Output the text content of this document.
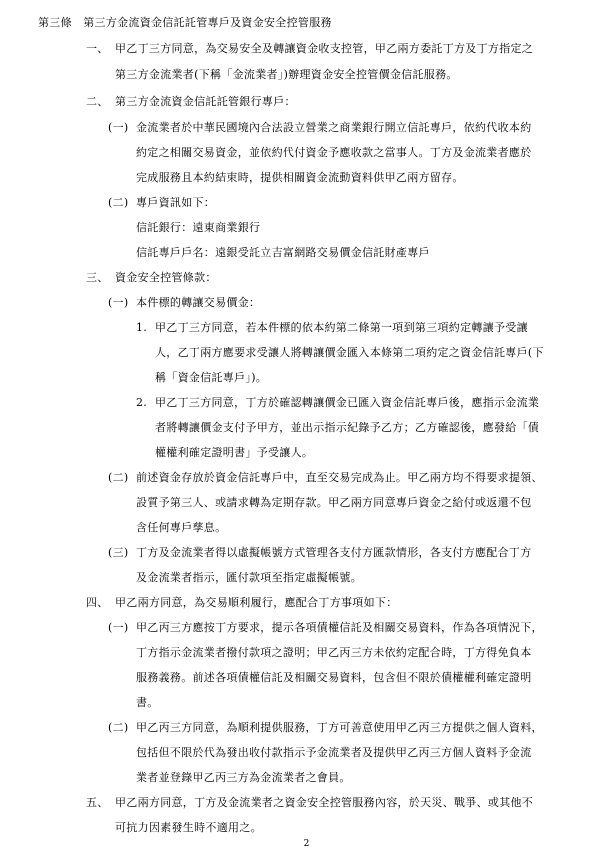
第三條　第三方金流資金信託託管專戶及資金安全控管服務
一、 甲乙丁三方同意，為交易安全及轉讓資金收支控管，甲乙兩方委託丁方及丁方指定之
第三方金流業者(下稱「金流業者」)辦理資金安全控管價金信託服務。
二、 第三方金流資金信託託管銀行專戶：
(一) 金流業者於中華民國境內合法設立營業之商業銀行開立信託專戶，依約代收本約
約定之相關交易資金，並依約代付資金予應收款之當事人。丁方及金流業者應於
完成服務且本約結束時，提供相關資金流動資料供甲乙兩方留存。
(二) 專戶資訊如下：
信託銀行：遠東商業銀行
信託專戶戶名：遠銀受託立吉富網路交易價金信託財產專戶
三、 資金安全控管條款：
(一) 本件標的轉讓交易價金：
1. 甲乙丁三方同意，若本件標的依本約第二條第一項到第三項約定轉讓予受讓
人，乙丁兩方應要求受讓人將轉讓價金匯入本條第二項約定之資金信託專戶(下
稱「資金信託專戶」)。
2. 甲乙丁三方同意，丁方於確認轉讓價金已匯入資金信託專戶後，應指示金流業
者將轉讓價金支付予甲方，並出示指示紀錄予乙方；乙方確認後，應發給「債
權權利確定證明書」予受讓人。
(二) 前述資金存放於資金信託專戶中，直至交易完成為止。甲乙兩方均不得要求提領、
設質予第三人、或請求轉為定期存款。甲乙兩方同意專戶資金之給付或返還不包
含任何專戶孳息。
(三) 丁方及金流業者得以虛擬帳號方式管理各支付方匯款情形，各支付方應配合丁方
及金流業者指示，匯付款項至指定虛擬帳號。
四、 甲乙兩方同意，為交易順利履行，應配合丁方事項如下：
(一) 甲乙丙三方應按丁方要求，提示各項債權信託及相關交易資料，作為各項情況下，
丁方指示金流業者撥付款項之證明；甲乙丙三方未依約定配合時，丁方得免負本
服務義務。前述各項債權信託及相關交易資料，包含但不限於債權權利確定證明
書。
(二) 甲乙丙三方同意，為順利提供服務，丁方可善意使用甲乙丙三方提供之個人資料，
包括但不限於代為發出收付款指示予金流業者及提供甲乙丙三方個人資料予金流
業者並登錄甲乙丙三方為金流業者之會員。
五、 甲乙兩方同意，丁方及金流業者之資金安全控管服務內容，於天災、戰爭、或其他不
可抗力因素發生時不適用之。
2
